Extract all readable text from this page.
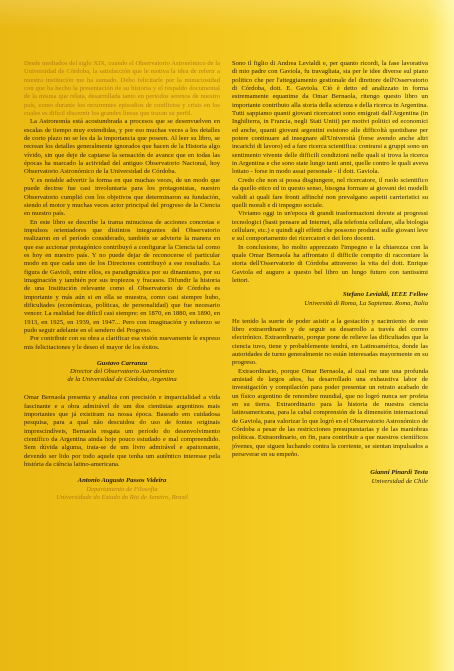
Desde mediados del siglo XIX, cuando el Observatorio Astronómico de la Universidad de Córdoba, la satisfacción que le motiva la idea de referir a nuestra institución me ha sumado. Debo felicitarle por la minuciosidad con que ha hecho la presentación de su historia y el respaldo documental de la misma que relata, desarrollada tanto en periodos serenos de nuestro país, como durante los recurrentes episodios de conflictos y crisis en los cuales es difícil discernir los grandes líneas que trazan su perfil.

La Astronomía está acostumbrada a procesos que se desenvuelven en escalas de tiempo muy extendidas, y por eso muchas veces a los detalles de corto plazo no se les da la importancia que poseen. Al leer su libro, se recrean los detalles generalmente ignorados que hacen de la Historia algo vívido, sin que deje de captarse la sensación de avance que en todas las épocas ha marcado la actividad del antiguo Observatorio Nacional, hoy Observatorio Astronómico de la Universidad de Córdoba.

Y es notable advertir la forma en que muchas veces, de un modo que puede decirse fue casi involuntaria para los protagonistas, nuestro Observatorio cumplió con los objetivos que determinaron su fundación, siendo el motor y muchas veces actor principal del progreso de la Ciencia en nuestro país.

En este libro se describe la trama minuciosa de acciones concretas e impulsos orientadores que distintos integrantes del Observatorio realizaron en el período considerado, también se advierte la manera en que ese accionar protagónico contribuyó a configurar la Ciencia tal como es hoy en nuestro país. Y no puede dejar de reconocerse el particular modo en que cada uno de los Directores contribuyó a ese resultado. La figura de Gavioli, entre ellos, es paradigmática por su dinamismo, por su imaginación y también por sus tropiezos y fracasos. Difundir la historia de una Institución relevante como el Observatorio de Córdoba es importante y más aún si en ella se muestra, como casi siempre hubo, dificultades (económicas, políticas, de personalidad) que fue necesario vencer. La realidad fue difícil casi siempre: en 1870, en 1880, en 1890, en 1913, en 1925, en 1939, en 1947... Pero con imaginación y esfuerzo se pudo seguir adelante en el sendero del Progreso.

Por contribuir con su obra a clarificar esa visión nuevamente le expreso mis felicitaciones y le deseo el mayor de los éxitos.

Gustavo Carranza
Director del Observatorio Astronómico
de la Universidad de Córdoba, Argentina

Omar Bernaola presenta y analiza con precisión e imparcialidad a vida fascinante e a obra admirável de um dos cientistas argentinos mais importantes que já existiram na nossa época. Baseado em cuidadosa pesquisa, para a qual não descuidou do uso de fontes originais imprescindíveis, Bernaola resgata um período do desenvolvimento científico da Argentina ainda hoje pouco estudado e mal compreendido. Sem dúvida alguma, trata-se de um livro admirável e apaixonante, devendo ser lido por todo aquele que tenha um autêntico interesse pela história da ciência latino-americana.

Antonio Augusto Passos Videira
Departamento de Filosofia
Universidade do Estado do Rio de Janeiro, Brasil

Sono il figlio di Andrea Levialdi e, per quanto ricordi, la fase lavorativa di mio padre con Gaviola, fu travagliata, sia per le idee diverse sul piano politico che per l'atteggiamento gestionale del direttore dell'Osservatorio di Córdoba, dott. E. Gaviola. Ciò è detto ed analizzato in forma estremamente equanime da Omar Bernaola, ritengo questo libro un importante contributo alla storia della scienza e della ricerca in Argentina. Tutti sappiamo quanti giovani ricercatori sono emigrati dall'Argentina (in Inghilterra, in Francia, negli Stati Uniti) per motivi politici ed economici ed anche, quanti giovani argentini esistono alle difficoltà quotidiane per potere continuare ad insegnare all'Università (forse avendo anche altri incarichi di lavoro) ed a fare ricerca scientifica: contrarsi a gruppi sono un sentimento vivente delle difficili condizioni nelle quali si trova la ricerca in Argentina e che sono state lungo tanti anni, quelle contro le quali aveva lottato - forse in modo assai personale - il dott. Gaviola.

Credo che non si possa disgiungere, nel ricercatore, il ruolo scientifico da quello etico ed in questo senso, bisogna formare ai giovani dei modelli validi ai quali fare fronti affinché non prevalgano aspetti carrieristici su quelli morali e di impegno sociale.

Viviamo oggi in un'epoca di grandi trasformazioni dovute ai progressi tecnologici (basti pensare ad Internet, alla telefonia cellulare, alla biologia cellulare, etc.) e quindi agli effetti che possono prodursi sulle giovani leve e sul comportamento dei ricercatori e dei loro docenti.

In conclusione, ho molto apprezzato l'impegno e la chiarezza con la quale Omar Bernaola ha affrontato il difficile compito di raccontare la storia dell'Osservatorio di Córdoba attraverso la vita del dott. Enrique Gaviola ed auguro a questo bel libro un lungo futuro con tantissimi lettori.

Stefano Levialdi, IEEE Fellow
Università di Roma, La Sapienza. Roma, Italia

He tenido la suerte de poder asistir a la gestación y nacimiento de este libro extraordinario y de seguir su desarrollo a través del correo electrónico. Extraordinario, porque pone de relieve las dificultades que la ciencia tuvo, tiene y probablemente tendrá, en Latinoamérica, donde las autoridades de turno generalmente no están interesadas mayormente en su progreso.

Extraordinario, porque Omar Bernaola, al cual me une una profunda amistad de largos años, ha desarrollado una exhaustiva labor de investigación y compilación para poder presentar un retrato acabado de un físico argentino de renombre mundial, que no logró nunca ser profeta en su tierra. Extraordinario para la historia de nuestra ciencia latinoamericana, para la cabal comprensión de la dimensión internacional de Gaviola, para valorizar lo que logró en el Observatorio Astronómico de Córdoba a pesar de las restricciones presupuestarias y de las maniobras políticas. Extraordinario, en fin, para contribuir a que nuestros científicos jóvenes, que siguen luchando contra la corriente, se sientan impulsados a perseverar en su empeño.

Gianni Pinardi Testa
Universidad de Chile
